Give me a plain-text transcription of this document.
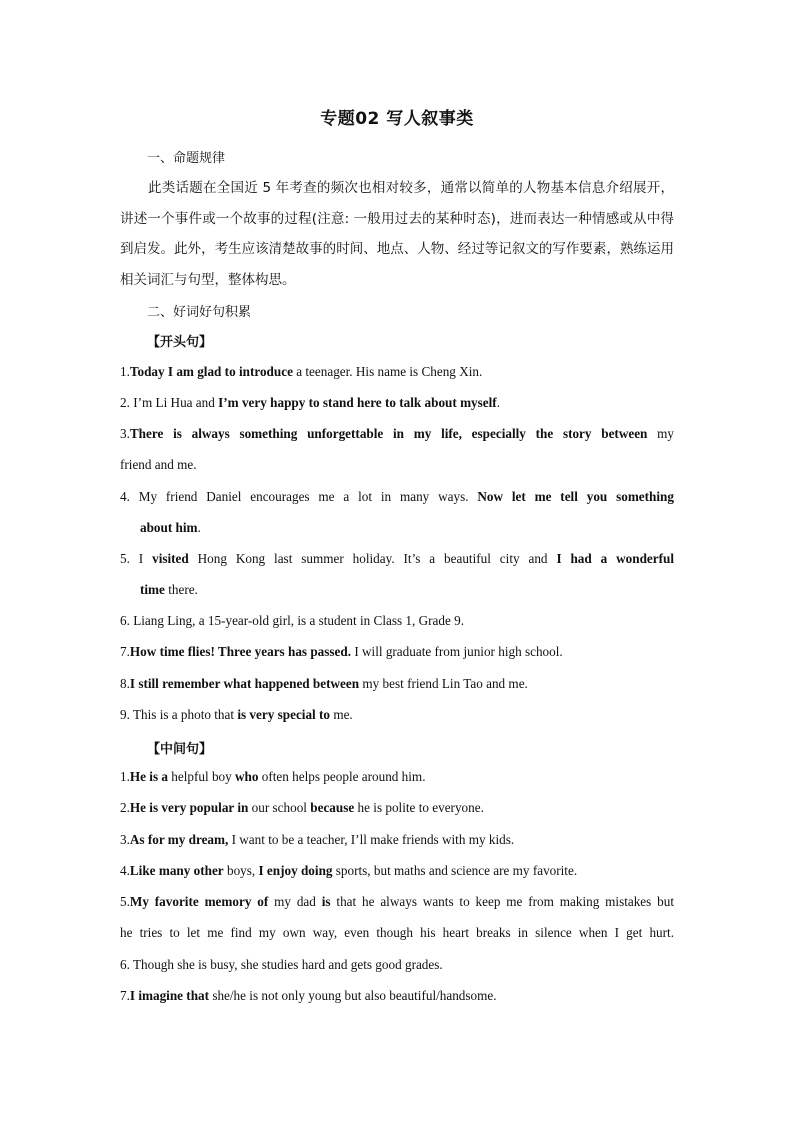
专题02 写人叙事类
一、命题规律

此类话题在全国近 5 年考查的频次也相对较多，通常以简单的人物基本信息介绍展开，讲述一个事件或一个故事的过程(注意: 一般用过去的某种时态)，进而表达一种情感或从中得到启发。此外，考生应该清楚故事的时间、地点、人物、经过等记叙文的写作要素，熟练运用相关词汇与句型，整体构思。

二、好词好句积累
【开头句】
1.Today I am glad to introduce a teenager. His name is Cheng Xin.
2. I’m Li Hua and I’m very happy to stand here to talk about myself.
3.There is always something unforgettable in my life, especially the story between my
friend and me.
4. My friend Daniel encourages me a lot in many ways. Now let me tell you something
about him.
5. I visited Hong Kong last summer holiday. It’s a beautiful city and I had a wonderful
time there.
6. Liang Ling, a 15-year-old girl, is a student in Class 1, Grade 9.
7.How time flies! Three years has passed. I will graduate from junior high school.
8.I still remember what happened between my best friend Lin Tao and me.
9. This is a photo that is very special to me.
【中间句】
1.He is a helpful boy who often helps people around him.
2.He is very popular in our school because he is polite to everyone.
3.As for my dream, I want to be a teacher, I’ll make friends with my kids.
4.Like many other boys, I enjoy doing sports, but maths and science are my favorite.
5.My favorite memory of my dad is that he always wants to keep me from making mistakes but
he tries to let me find my own way, even though his heart breaks in silence when I get hurt.
6. Though she is busy, she studies hard and gets good grades.
7.I imagine that she/he is not only young but also beautiful/handsome.
